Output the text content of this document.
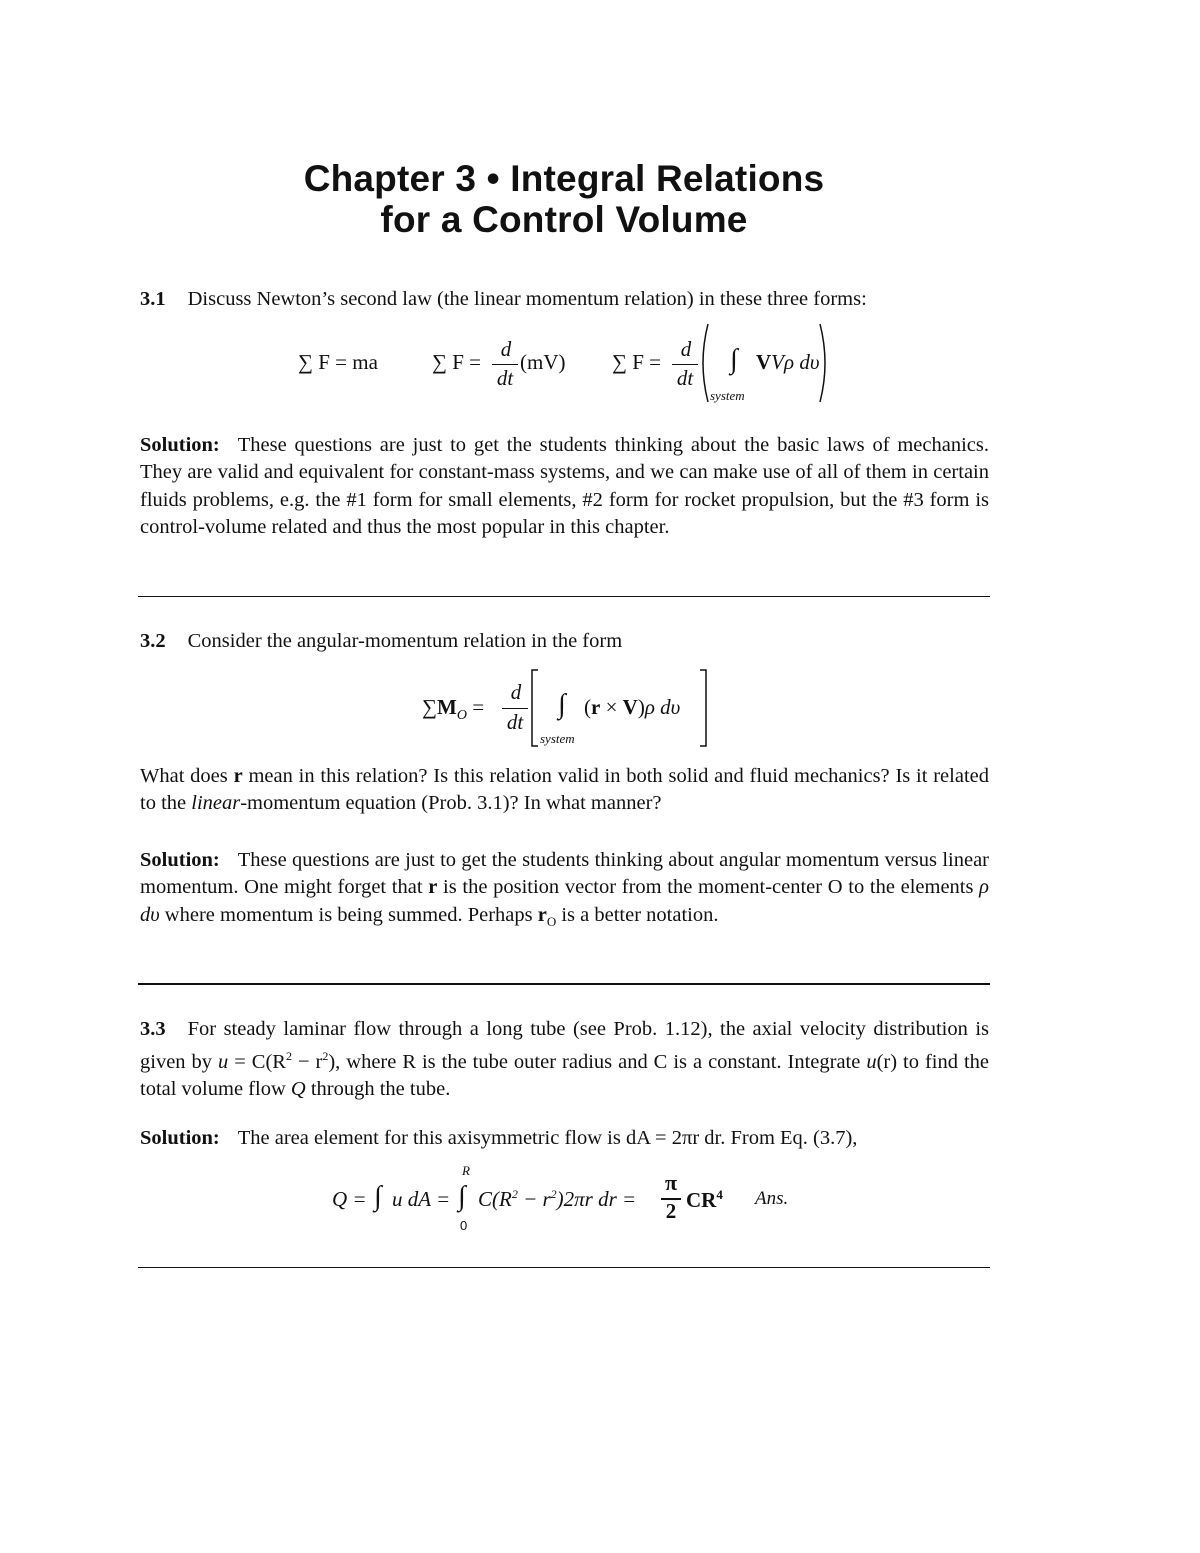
Chapter 3 • Integral Relations
for a Control Volume
3.1 Discuss Newton’s second law (the linear momentum relation) in these three forms:
∑ F = ma	∑ F =
d
dt
(mV) ∑ F =
d
dt
∫ VVρ dυ
system
Solution: These questions are just to get the students thinking about the basic laws of mechanics. They are valid and equivalent for constant-mass systems, and we can make use of all of them in certain fluids problems, e.g. the #1 form for small elements, #2 form for rocket propulsion, but the #3 form is control-volume related and thus the most popular in this chapter.
3.2 Consider the angular-momentum relation in the form
$\sum M_O$ =
d
dt
∫ (r × V)ρ dυ
system
What does r mean in this relation? Is this relation valid in both solid and fluid mechanics? Is it related to the linear-momentum equation (Prob. 3.1)? In what manner?
Solution: These questions are just to get the students thinking about angular momentum versus linear momentum. One might forget that r is the position vector from the moment-center O to the elements ρ dυ where momentum is being summed. Perhaps $r_O$ is a better notation.
3.3 For steady laminar flow through a long tube (see Prob. 1.12), the axial velocity distribution is given by $u = C(R^2 - r^2)$, where R is the tube outer radius and C is a constant. Integrate u(r) to find the total volume flow Q through the tube.
Solution: The area element for this axisymmetric flow is dA = 2πr dr. From Eq. (3.7),
Q = ∫ u dA =
R
∫
0
$C(R^2 - r^2)2\pi r$ dr =
π
2 $CR^4$ Ans.
